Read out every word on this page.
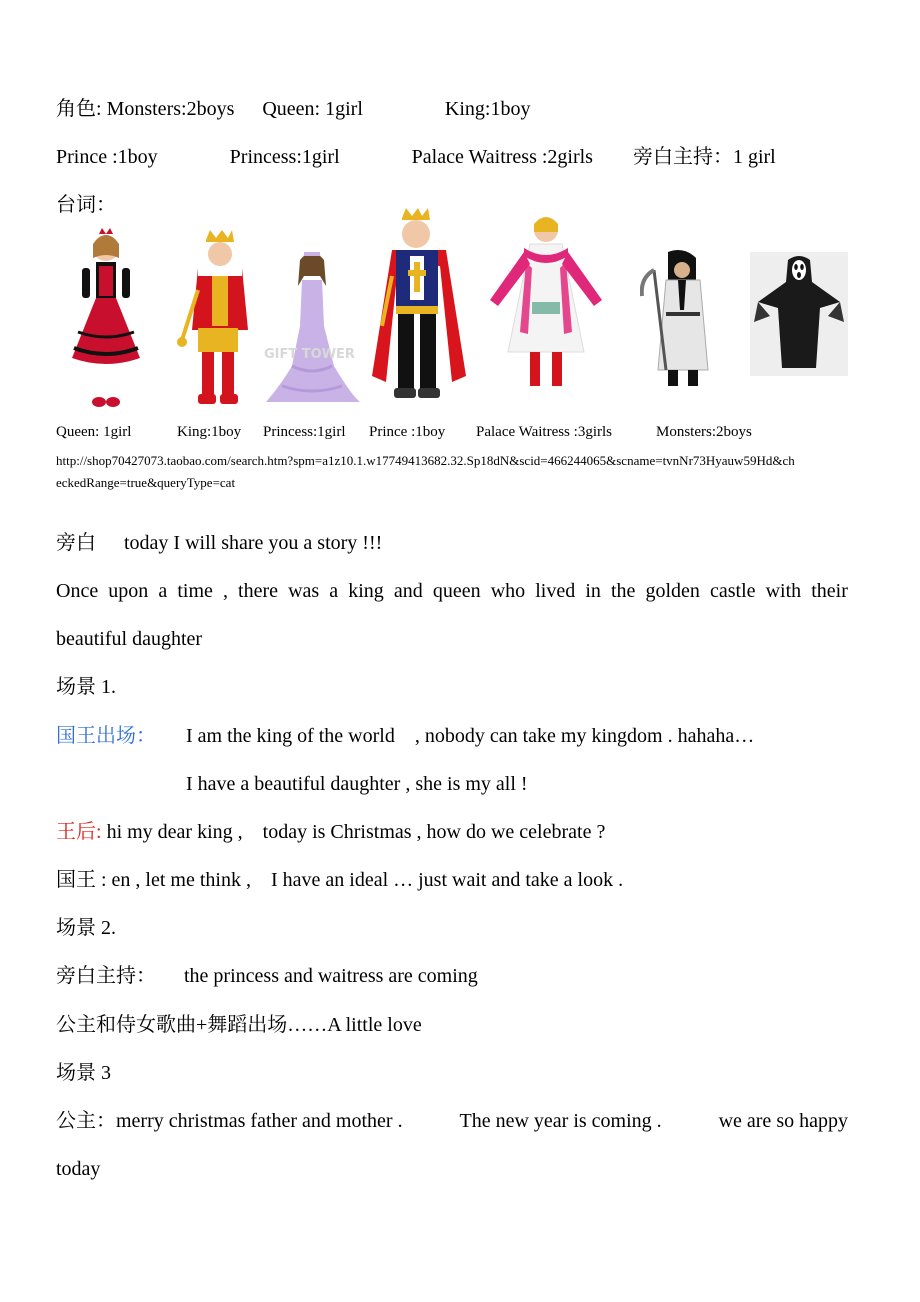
角色: Monsters:2boys Queen: 1girl	King:1boy
Prince :1boy	Princess:1girl	Palace Waitress :2girls 旁白主持：1 girl
台词：
GIFT TOWER
Queen: 1girl	King:1boy Princess:1girl Prince :1boy Palace Waitress :3girls	Monsters:2boys
http://shop70427073.taobao.com/search.htm?spm=a1z10.1.w17749413682.32.Sp18dN&scid=466244065&scname=tvnNr73Hyauw59Hd&ch
eckedRange=true&queryType=cat
旁白 today I will share you a story !!!
Once upon a time , there was a king and queen who lived in the golden castle with their
beautiful daughter
场景 1.
国王出场： I am the king of the world    , nobody can take my kingdom . hahaha…
I have a beautiful daughter , she is my all !
王后: hi my dear king ,    today is Christmas , how do we celebrate ?
国王 : en , let me think ,    I have an ideal … just wait and take a look .
场景 2.
旁白主持： the princess and waitress are coming
公主和侍女歌曲+舞蹈出场……A little love
场景 3
公主：merry christmas father and mother .	The new year is coming .	we are so happy
today
